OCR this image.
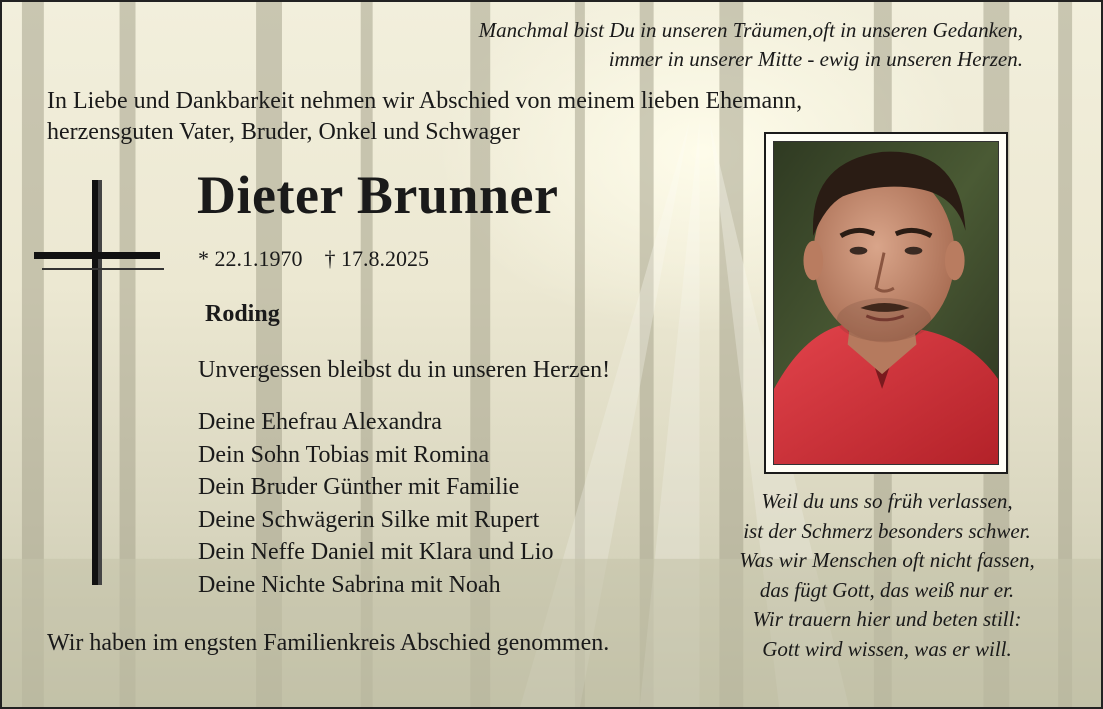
Manchmal bist Du in unseren Träumen,oft in unseren Gedanken,
immer in unserer Mitte - ewig in unseren Herzen.
In Liebe und Dankbarkeit nehmen wir Abschied von meinem lieben Ehemann,
herzensguten Vater, Bruder, Onkel und Schwager
Dieter Brunner
* 22.1.1970 † 17.8.2025
Roding
Unvergessen bleibst du in unseren Herzen!
Deine Ehefrau Alexandra
Dein Sohn Tobias mit Romina
Dein Bruder Günther mit Familie
Deine Schwägerin Silke mit Rupert
Dein Neffe Daniel mit Klara und Lio
Deine Nichte Sabrina mit Noah
Wir haben im engsten Familienkreis Abschied genommen.
Weil du uns so früh verlassen,
ist der Schmerz besonders schwer.
Was wir Menschen oft nicht fassen,
das fügt Gott, das weiß nur er.
Wir trauern hier und beten still:
Gott wird wissen, was er will.
